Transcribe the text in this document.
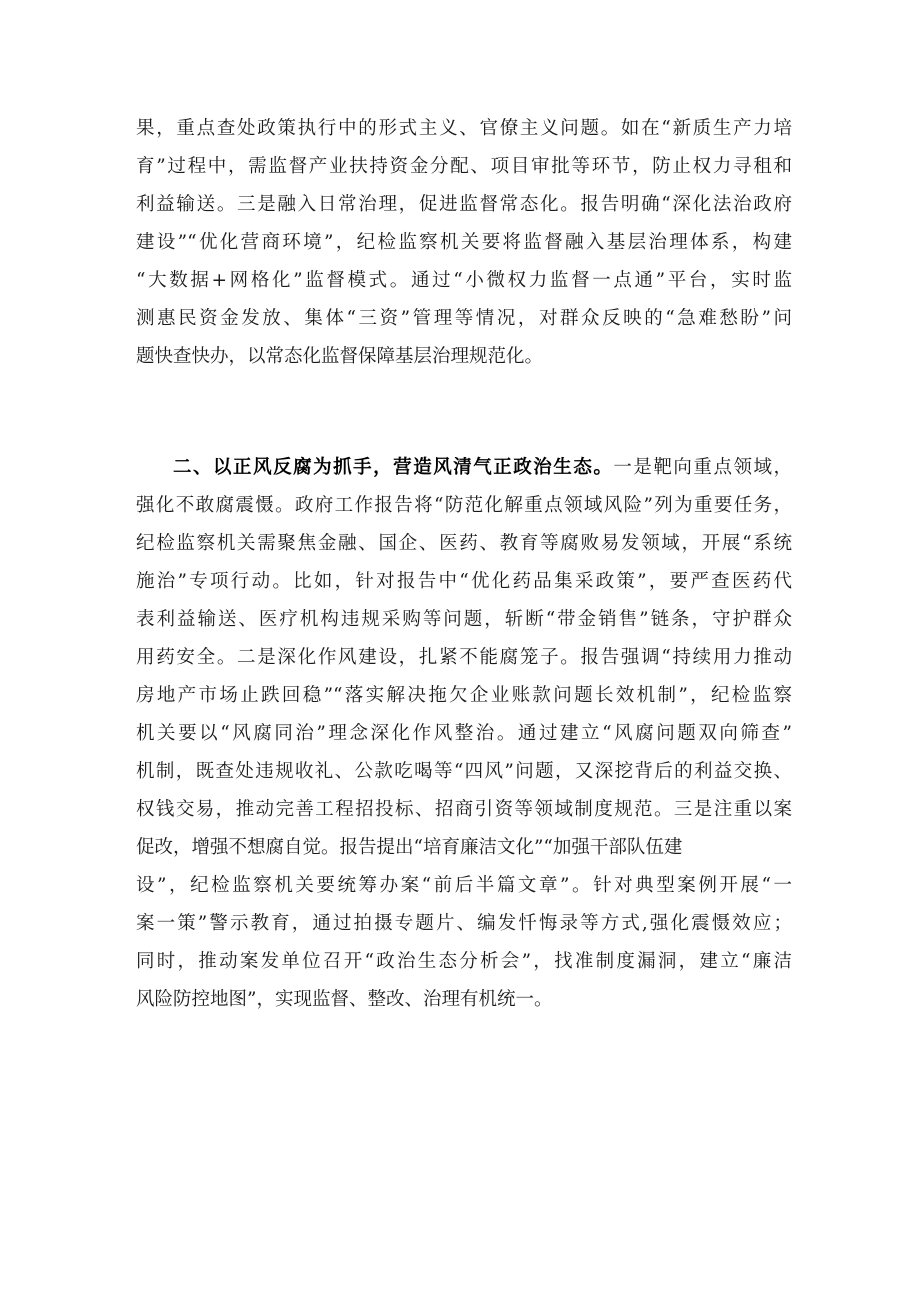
果，重点查处政策执行中的形式主义、官僚主义问题。如在“新质生产力培
育”过程中，需监督产业扶持资金分配、项目审批等环节，防止权力寻租和
利益输送。三是融入日常治理，促进监督常态化。报告明确“深化法治政府
建设”“优化营商环境”，纪检监察机关要将监督融入基层治理体系，构建
“大数据+网格化”监督模式。通过“小微权力监督一点通”平台，实时监
测惠民资金发放、集体“三资”管理等情况，对群众反映的“急难愁盼”问
题快查快办，以常态化监督保障基层治理规范化。
二、以正风反腐为抓手，营造风清气正政治生态。一是靶向重点领域，
强化不敢腐震慑。政府工作报告将“防范化解重点领域风险”列为重要任务，
纪检监察机关需聚焦金融、国企、医药、教育等腐败易发领域，开展“系统
施治”专项行动。比如，针对报告中“优化药品集采政策”，要严查医药代
表利益输送、医疗机构违规采购等问题，斩断“带金销售”链条，守护群众
用药安全。二是深化作风建设，扎紧不能腐笼子。报告强调“持续用力推动
房地产市场止跌回稳”“落实解决拖欠企业账款问题长效机制”，纪检监察
机关要以“风腐同治”理念深化作风整治。通过建立“风腐问题双向筛查”
机制，既查处违规收礼、公款吃喝等“四风”问题，又深挖背后的利益交换、
权钱交易，推动完善工程招投标、招商引资等领域制度规范。三是注重以案
促改，增强不想腐自觉。报告提出“培育廉洁文化”“加强干部队伍建
设”，纪检监察机关要统筹办案“前后半篇文章”。针对典型案例开展“一
案一策”警示教育，通过拍摄专题片、编发忏悔录等方式,强化震慑效应；
同时，推动案发单位召开“政治生态分析会”，找准制度漏洞，建立“廉洁
风险防控地图”，实现监督、整改、治理有机统一。
